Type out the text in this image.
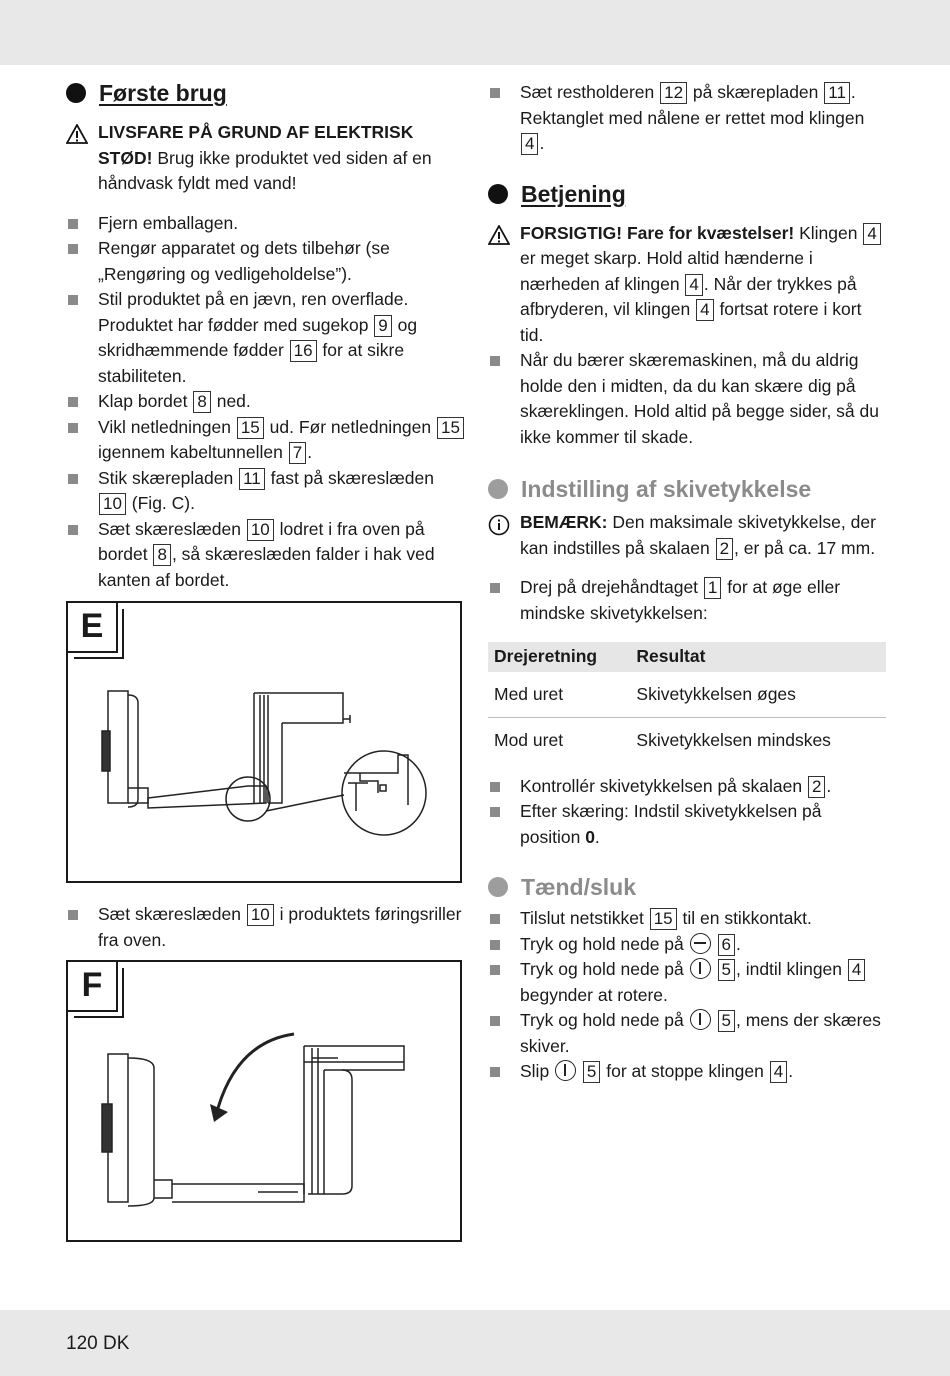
Første brug
LIVSFARE PÅ GRUND AF ELEKTRISK STØD! Brug ikke produktet ved siden af en håndvask fyldt med vand!
Fjern emballagen.
Rengør apparatet og dets tilbehør (se „Rengøring og vedligeholdelse”).
Stil produktet på en jævn, ren overflade. Produktet har fødder med sugekop 9 og skridhæmmende fødder 16 for at sikre stabiliteten.
Klap bordet 8 ned.
Vikl netledningen 15 ud. Før netledningen 15 igennem kabeltunnellen 7 .
Stik skærepladen 11 fast på skæreslæden 10 (Fig. C).
Sæt skæreslæden 10 lodret i fra oven på bordet 8 , så skæreslæden falder i hak ved kanten af bordet.
E
Sæt skæreslæden 10 i produktets føringsriller fra oven.
F
Sæt restholderen 12 på skærepladen 11 . Rektanglet med nålene er rettet mod klingen 4 .
Betjening
FORSIGTIG! Fare for kvæstelser! Klingen 4 er meget skarp. Hold altid hænderne i nærheden af klingen 4 . Når der trykkes på afbryderen, vil klingen 4 fortsat rotere i kort tid.
Når du bærer skæremaskinen, må du aldrig holde den i midten, da du kan skære dig på skæreklingen. Hold altid på begge sider, så du ikke kommer til skade.
Indstilling af skivetykkelse
BEMÆRK: Den maksimale skivetykkelse, der kan indstilles på skalaen 2 , er på ca. 17 mm.
Drej på drejehåndtaget 1 for at øge eller mindske skivetykkelsen:
Drejeretning	Resultat
Med uret	Skivetykkelsen øges
Mod uret	Skivetykkelsen mindskes
Kontrollér skivetykkelsen på skalaen 2 .
Efter skæring: Indstil skivetykkelsen på position 0.
Tænd/sluk
Tilslut netstikket 15 til en stikkontakt.
Tryk og hold nede på  6 .
Tryk og hold nede på  5 , indtil klingen 4 begynder at rotere.
Tryk og hold nede på  5 , mens der skæres skiver.
Slip  5 for at stoppe klingen 4 .
120 DK
